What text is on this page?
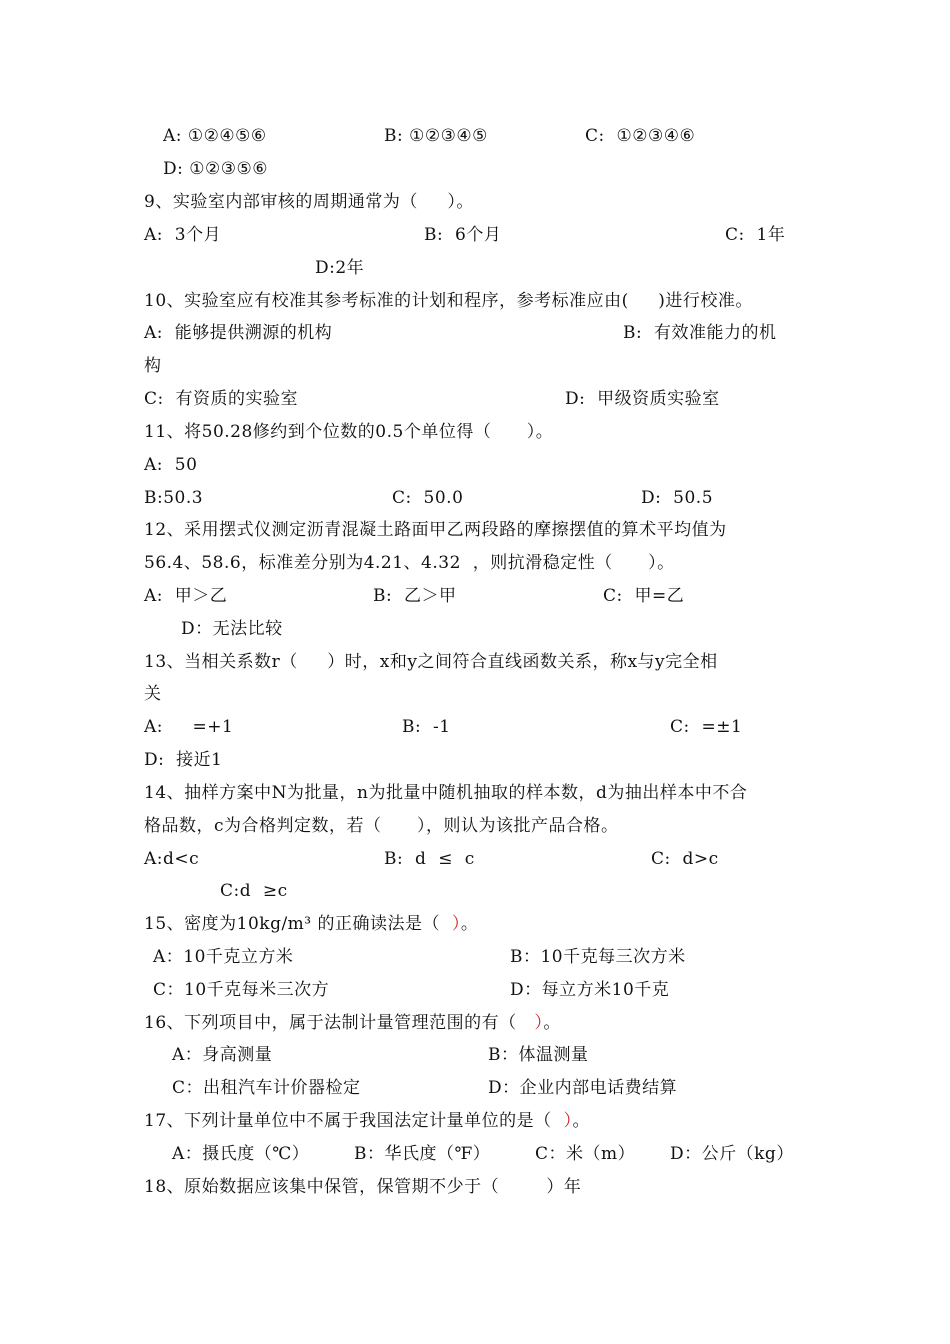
A: ①②④⑤⑥	B: ①②③④⑤	C:  ①②③④⑥
D: ①②③⑤⑥
9、实验室内部审核的周期通常为（     ）。
A:  3个月	B:  6个月	C:  1年
D:2年
10、实验室应有校准其参考标准的计划和程序，参考标准应由(     )进行校准。
A:  能够提供溯源的机构	B:  有效准能力的机
构
C:  有资质的实验室	D:  甲级资质实验室
11、将50.28修约到个位数的0.5个单位得（      ）。
A:  50
B:50.3	C:  50.0	D:  50.5
12、采用摆式仪测定沥青混凝土路面甲乙两段路的摩擦摆值的算术平均值为
56.4、58.6，标准差分别为4.21、4.32  ，则抗滑稳定性（      ）。
A:  甲＞乙	B:  乙＞甲	C:  甲=乙
D：无法比较
13、当相关系数r（     ）时，x和y之间符合直线函数关系，称x与y完全相
关
A:     =+1	B:  -1	C:  =±1
D:  接近1
14、抽样方案中N为批量，n为批量中随机抽取的样本数，d为抽出样本中不合
格品数，c为合格判定数，若（      ），则认为该批产品合格。
A:d<c	B:  d  ≤  c	C:  d>c
C:d  ≥c
15、密度为10kg/m³ 的正确读法是（  ）。
A：10千克立方米	B：10千克每三次方米
C：10千克每米三次方	D：每立方米10千克
16、下列项目中，属于法制计量管理范围的有（   ）。
A：身高测量	B：体温测量
C：出租汽车计价器检定	D：企业内部电话费结算
17、下列计量单位中不属于我国法定计量单位的是（  ）。
A：摄氏度（℃）	B：华氏度（℉）	C：米（m） D：公斤（kg）
18、原始数据应该集中保管，保管期不少于（        ）年
